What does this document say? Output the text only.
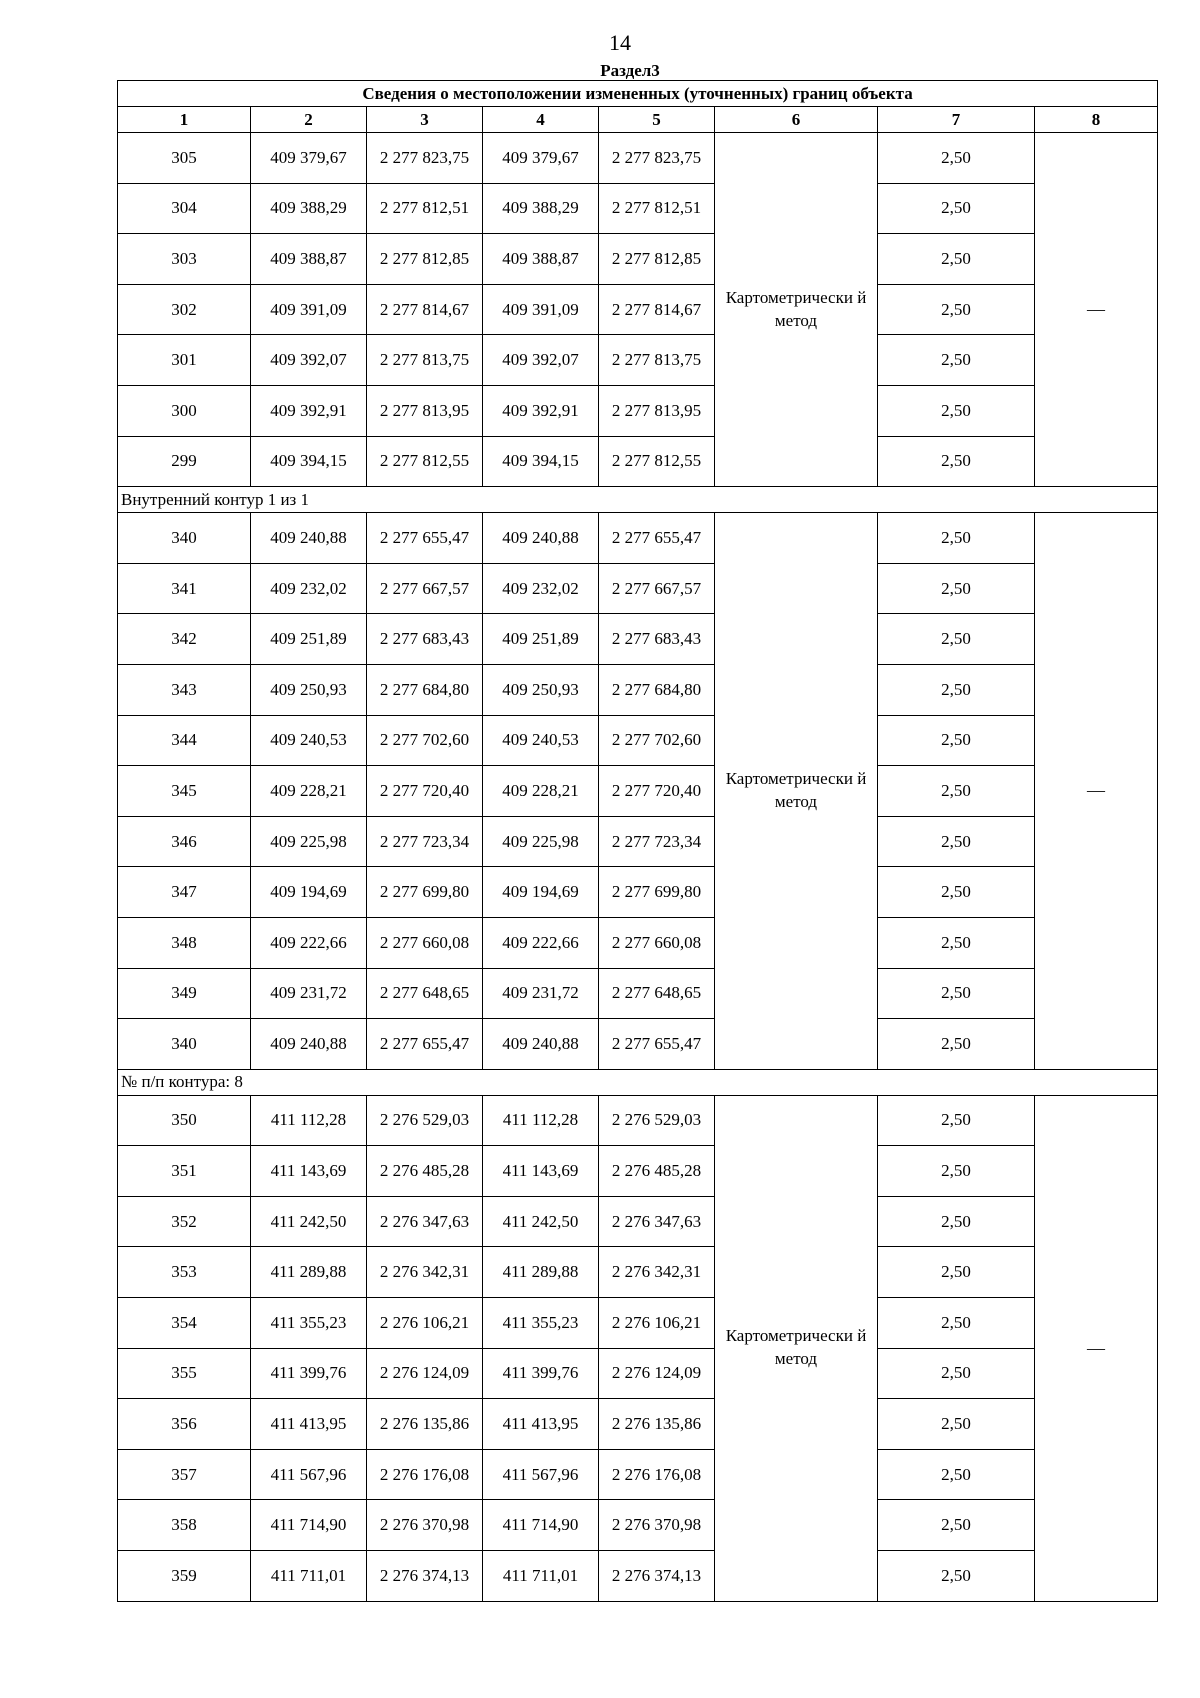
14
Раздел3
Сведения о местоположении измененных (уточненных) границ объекта							
1	2	3	4	5	6	7	8
305	409 379,67	2 277 823,75	409 379,67	2 277 823,75	Картометрически й метод	2,50	—
304	409 388,29	2 277 812,51	409 388,29	2 277 812,51		2,50	
303	409 388,87	2 277 812,85	409 388,87	2 277 812,85		2,50	
302	409 391,09	2 277 814,67	409 391,09	2 277 814,67		2,50	
301	409 392,07	2 277 813,75	409 392,07	2 277 813,75		2,50	
300	409 392,91	2 277 813,95	409 392,91	2 277 813,95		2,50	
299	409 394,15	2 277 812,55	409 394,15	2 277 812,55		2,50	
Внутренний контур 1 из 1							
340	409 240,88	2 277 655,47	409 240,88	2 277 655,47	Картометрически й метод	2,50	—
341	409 232,02	2 277 667,57	409 232,02	2 277 667,57		2,50	
342	409 251,89	2 277 683,43	409 251,89	2 277 683,43		2,50	
343	409 250,93	2 277 684,80	409 250,93	2 277 684,80		2,50	
344	409 240,53	2 277 702,60	409 240,53	2 277 702,60		2,50	
345	409 228,21	2 277 720,40	409 228,21	2 277 720,40		2,50	
346	409 225,98	2 277 723,34	409 225,98	2 277 723,34		2,50	
347	409 194,69	2 277 699,80	409 194,69	2 277 699,80		2,50	
348	409 222,66	2 277 660,08	409 222,66	2 277 660,08		2,50	
349	409 231,72	2 277 648,65	409 231,72	2 277 648,65		2,50	
340	409 240,88	2 277 655,47	409 240,88	2 277 655,47		2,50	
№ п/п контура: 8							
350	411 112,28	2 276 529,03	411 112,28	2 276 529,03	Картометрически й метод	2,50	—
351	411 143,69	2 276 485,28	411 143,69	2 276 485,28		2,50	
352	411 242,50	2 276 347,63	411 242,50	2 276 347,63		2,50	
353	411 289,88	2 276 342,31	411 289,88	2 276 342,31		2,50	
354	411 355,23	2 276 106,21	411 355,23	2 276 106,21		2,50	
355	411 399,76	2 276 124,09	411 399,76	2 276 124,09		2,50	
356	411 413,95	2 276 135,86	411 413,95	2 276 135,86		2,50	
357	411 567,96	2 276 176,08	411 567,96	2 276 176,08		2,50	
358	411 714,90	2 276 370,98	411 714,90	2 276 370,98		2,50	
359	411 711,01	2 276 374,13	411 711,01	2 276 374,13		2,50	
